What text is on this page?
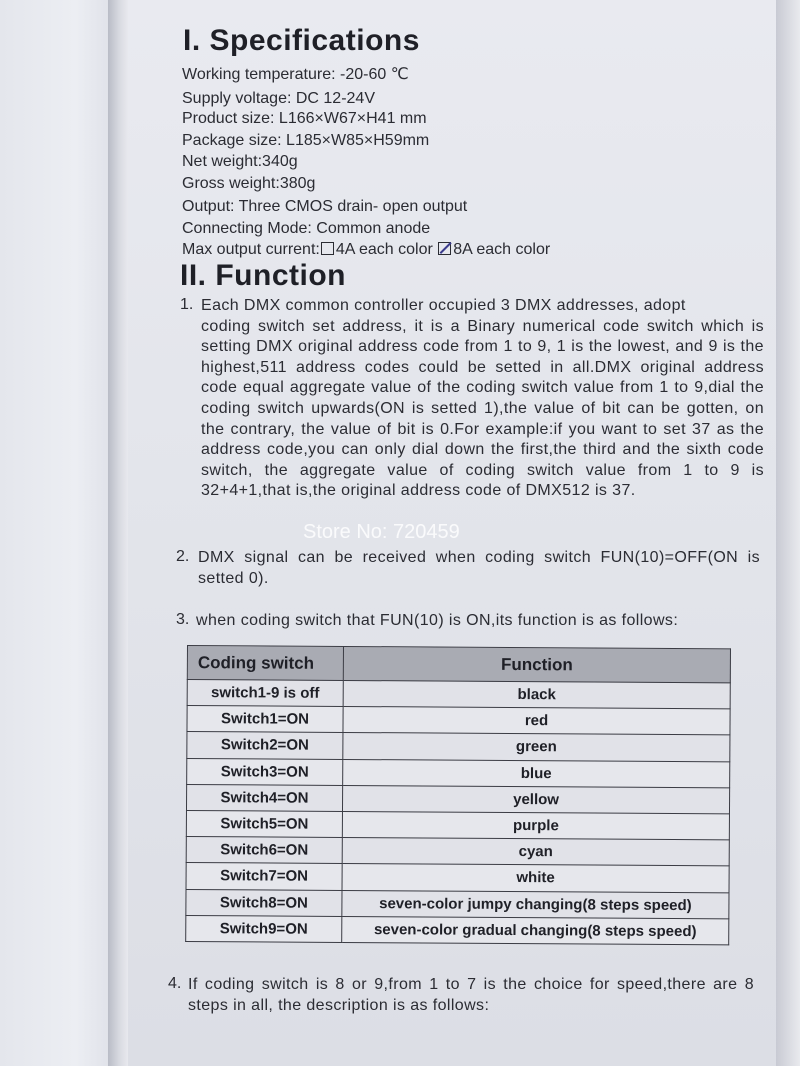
I. Specifications
Working temperature: -20-60 ℃
Supply voltage: DC 12-24V
Product size: L166×W67×H41 mm
Package size: L185×W85×H59mm
Net weight:340g
Gross weight:380g
Output: Three CMOS drain- open output
Connecting Mode: Common anode
Max output current: 4A each color 8A each color
II. Function
1. Each DMX common controller occupied 3 DMX addresses, adopt
coding switch set address, it is a Binary numerical code switch which is setting DMX original address code from 1 to 9, 1 is the lowest, and 9 is the highest,511 address codes could be setted in all.DMX original address code equal aggregate value of the coding switch value from 1 to 9,dial the coding switch upwards(ON is setted 1),the value of bit can be gotten, on the contrary, the value of bit is 0.For example:if you want to set 37 as the address code,you can only dial down the first,the third and the sixth code switch, the aggregate value of coding switch value from 1 to 9 is 32+4+1,that is,the original address code of DMX512 is 37.
Store No: 720459
2. DMX signal can be received when coding switch FUN(10)=OFF(ON is setted 0).
3. when coding switch that FUN(10) is ON,its function is as follows:
Coding switch	Function
switch1-9 is off	black
Switch1=ON	red
Switch2=ON	green
Switch3=ON	blue
Switch4=ON	yellow
Switch5=ON	purple
Switch6=ON	cyan
Switch7=ON	white
Switch8=ON	seven-color jumpy changing(8 steps speed)
Switch9=ON	seven-color gradual changing(8 steps speed)
4. If coding switch is 8 or 9,from 1 to 7 is the choice for speed,there are 8 steps in all, the description is as follows:
